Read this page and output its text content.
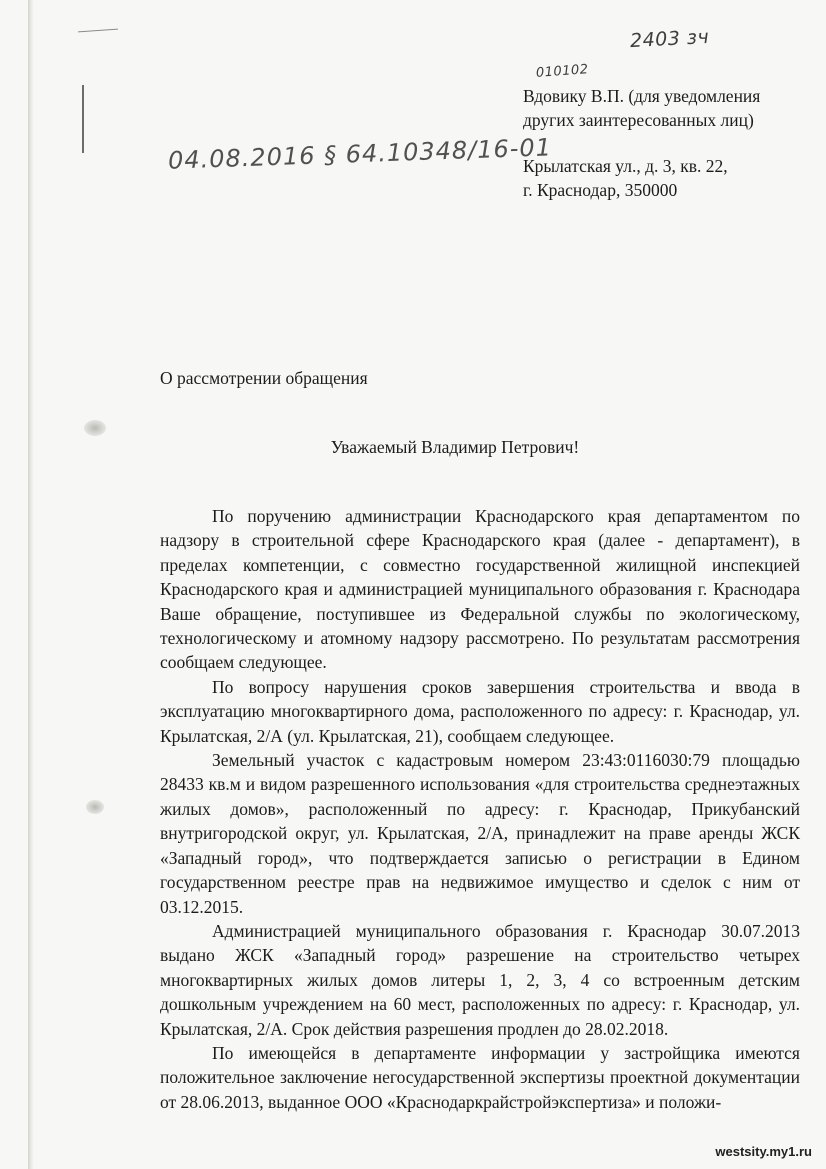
2403 зч
010102
04.08.2016 § 64.10348/16-01
Вдовику В.П. (для уведомления
других заинтересованных лиц)
Крылатская ул., д. 3, кв. 22,
г. Краснодар, 350000
О рассмотрении обращения
Уважаемый Владимир Петрович!

По поручению администрации Краснодарского края департаментом по надзору в строительной сфере Краснодарского края (далее - департамент), в пределах компетенции, с совместно государственной жилищной инспекцией Краснодарского края и администрацией муниципального образования г. Краснодара Ваше обращение, поступившее из Федеральной службы по экологическому, технологическому и атомному надзору рассмотрено. По результатам рассмотрения сообщаем следующее.

По вопросу нарушения сроков завершения строительства и ввода в эксплуатацию многоквартирного дома, расположенного по адресу: г. Краснодар, ул. Крылатская, 2/А (ул. Крылатская, 21), сообщаем следующее.

Земельный участок с кадастровым номером 23:43:0116030:79 площадью 28433 кв.м и видом разрешенного использования «для строительства среднеэтажных жилых домов», расположенный по адресу: г. Краснодар, Прикубанский внутригородской округ, ул. Крылатская, 2/А, принадлежит на праве аренды ЖСК «Западный город», что подтверждается записью о регистрации в Едином государственном реестре прав на недвижимое имущество и сделок с ним от 03.12.2015.

Администрацией муниципального образования г. Краснодар 30.07.2013 выдано ЖСК «Западный город» разрешение на строительство четырех многоквартирных жилых домов литеры 1, 2, 3, 4 со встроенным детским дошкольным учреждением на 60 мест, расположенных по адресу: г. Краснодар, ул. Крылатская, 2/А. Срок действия разрешения продлен до 28.02.2018.

По имеющейся в департаменте информации у застройщика имеются положительное заключение негосударственной экспертизы проектной документации от 28.06.2013, выданное ООО «Краснодаркрайстройэкспертиза» и положи-

westsity.my1.ru
